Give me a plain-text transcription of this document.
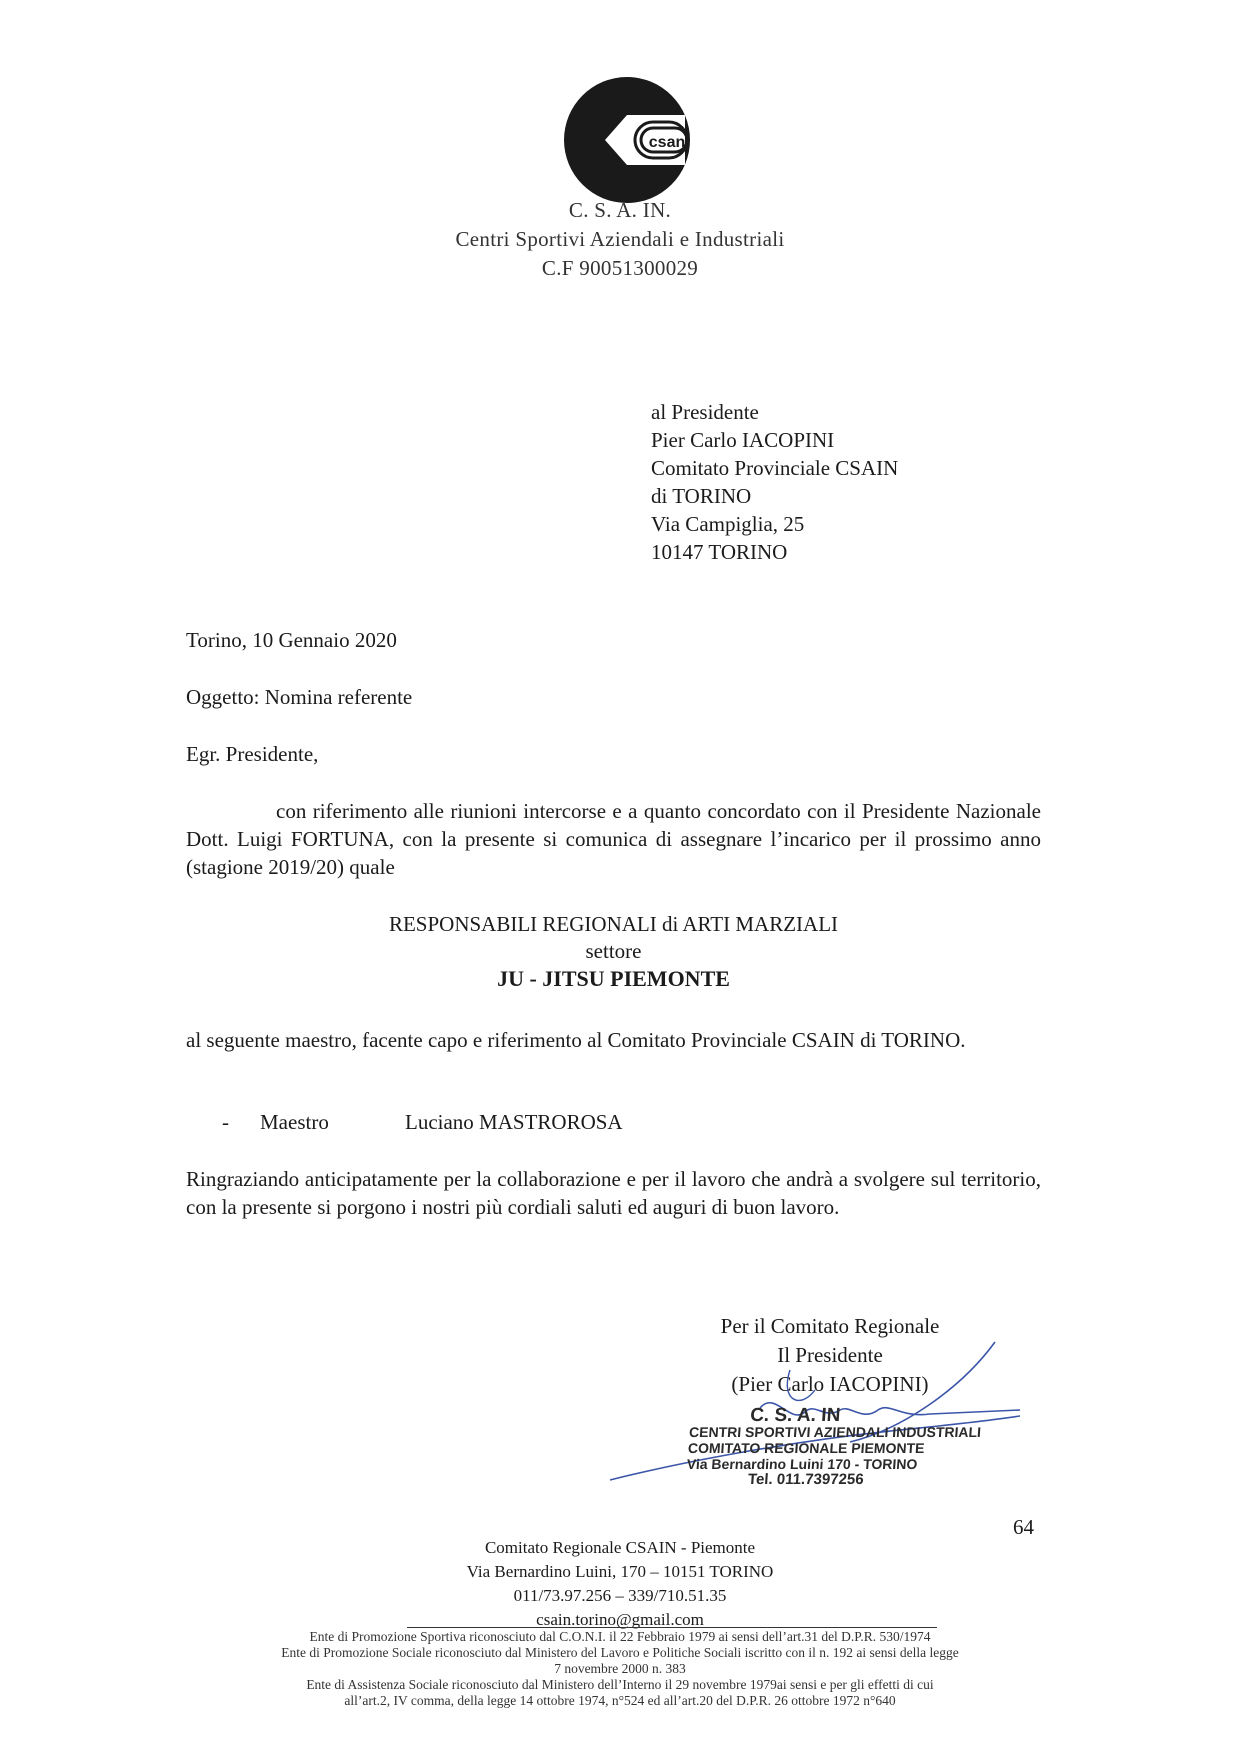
csan
C. S. A. IN.
Centri Sportivi Aziendali e Industriali
C.F 90051300029
al Presidente
Pier Carlo IACOPINI
Comitato Provinciale CSAIN
di TORINO
Via Campiglia, 25
10147 TORINO
Torino, 10 Gennaio 2020
Oggetto: Nomina referente
Egr. Presidente,
con riferimento alle riunioni intercorse e a quanto concordato con il Presidente Nazionale Dott. Luigi FORTUNA, con la presente si comunica di assegnare l’incarico per il prossimo anno (stagione 2019/20) quale
RESPONSABILI REGIONALI di ARTI MARZIALI
settore
JU - JITSU PIEMONTE
al seguente maestro, facente capo e riferimento al Comitato Provinciale CSAIN di TORINO.
- Maestro	Luciano MASTROROSA
Ringraziando anticipatamente per la collaborazione e per il lavoro che andrà a svolgere sul territorio, con la presente si porgono i nostri più cordiali saluti ed auguri di buon lavoro.
Per il Comitato Regionale
Il Presidente
(Pier Carlo IACOPINI)
C. S. A. IN
CENTRI SPORTIVI AZIENDALI INDUSTRIALI
COMITATO REGIONALE PIEMONTE
Via Bernardino Luini 170 - TORINO
Tel. 011.7397256
64
Comitato Regionale CSAIN - Piemonte
Via Bernardino Luini, 170 – 10151 TORINO
011/73.97.256 – 339/710.51.35
csain.torino@gmail.com
Ente di Promozione Sportiva riconosciuto dal C.O.N.I. il 22 Febbraio 1979 ai sensi dell’art.31 del D.P.R. 530/1974
Ente di Promozione Sociale riconosciuto dal Ministero del Lavoro e Politiche Sociali iscritto con il n. 192 ai sensi della legge
7 novembre 2000 n. 383
Ente di Assistenza Sociale riconosciuto dal Ministero dell’Interno il 29 novembre 1979ai sensi e per gli effetti di cui
all’art.2, IV comma, della legge 14 ottobre 1974, n°524 ed all’art.20 del D.P.R. 26 ottobre 1972 n°640
